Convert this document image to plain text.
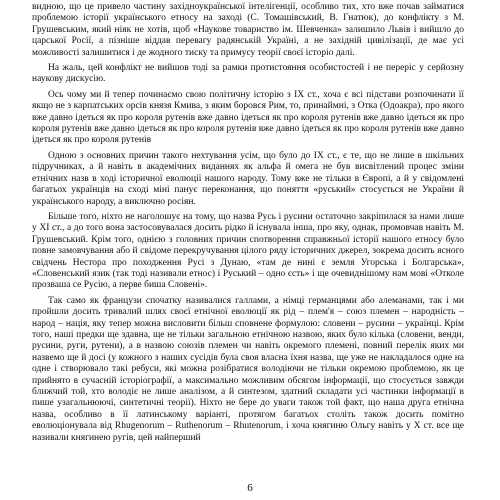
видною, що це привело частину західноукраїнської інтелігенції, особливо тих, хто вже почав займатися проблемою історії українського етносу на заході (С. Томашівський, В. Гнатюк), до конфлікту з М. Грушевським, який ніяк не хотів, щоб «Наукове товариство ім. Шевченка» залишило Львів і вийшло до царської Росії, а пізніше віддав перевагу радянській Україні, а не західній цивілізації, де має усі можливості залишитися і де жодного тиску та примусу теорії своєї історіо далі.

На жаль, цей конфлікт не вийшов тоді за рамки протистояння особистостей і не переріс у серйозну наукову дискусію.

Ось чому ми й тепер починаємо свою політичну історію з IX ст., хоча є всі підстави розпочинати її якщо не з карпатських орсів князя Кмива, з яким боровся Рим, то, принаймні, з Отка (Одоакра), про якого вже давно ідеться як про короля рутенів вже давно ідеться як про короля рутенів вже давно ідеться як про короля рутенів вже давно ідеться як про короля рутенів вже давно ідеться як про короля рутенів вже давно ідеться як про короля рутенів

Одною з основних причин такого нехтування усім, що було до IX ст., є те, що не лише в шкільних підручниках, а й навіть в академічних виданнях як альфа й омега не був висвітлений процес зміни етнічних назв в ході історичної еволюції нашого народу. Тому вже не тільки в Європі, а й у свідомлені багатьох українців на сході міні панує переконання, що поняття «руський» стосується не України й українського народу, а виключно росіян.

Більше того, ніхто не наголошує на тому, що назва Русь і русини остаточно закріпилася за нами лише у XI ст., а до того вона застосовувалася досить рідко й існувала інша, про яку, однак, промовчав навіть М. Грушевський. Крім того, однією з головних причин спотворення справжньої історії нашого етносу було повне замовчування або й свідоме перекручування цілого ряду історичних джерел, зокрема досить ясного свідчень Нестора про походження Русі з Дунаю, «там де нині є земля Угорська і Болгарська», «Словенський язик (так тоді називали етнос) і Руський – одно єсть» і ще очевиднішому нам мові «Отколе прозваша се Русію, а перве биша Словені».

Так само як французи спочатку називалися галлами, а німці германцями або алеманами, так і ми пройшли досить тривалий шлях своєї етнічної еволюції як рід – плем'я – союз племен – народність – народ – нація, яку тепер можна висловити більш сповнене формулою: словени – русини – українці. Крім того, наші предки ще здавна, ще не тільки загальною етнічною назвою, яких було кілька (словени, венди, русини, руги, рутени), а в назвою союзів племен чи навіть окремого племені, повний перелік яких ми назвемо ще й досі (у кожного з наших сусідів була своя власна їхня назва, ще уже не накладалося одне на одне і створювало такі ребуси, які можна розібратися володіючи не тільки окремою проблемою, як це прийнято в сучасній історіографії, а максимально можливим обсягом інформації, що стосується завжди ближчий той, хто володіє не лише аналізом, а й синтезом, здатний складати усі частинки інформації в пише узагальнюючі, синтетичні теорії). Ніхто не бере до уваги також той факт, що наша друга етнічна назва, особливо в її латинському варіанті, протягом багатьох століть також досить помітно еволюціонувала від Rhugenorum – Ruthenorum – Rhutenorum, і хоча княгиню Ольгу навіть у X ст. все ще називали княгинею ругів, цей найперший

6
